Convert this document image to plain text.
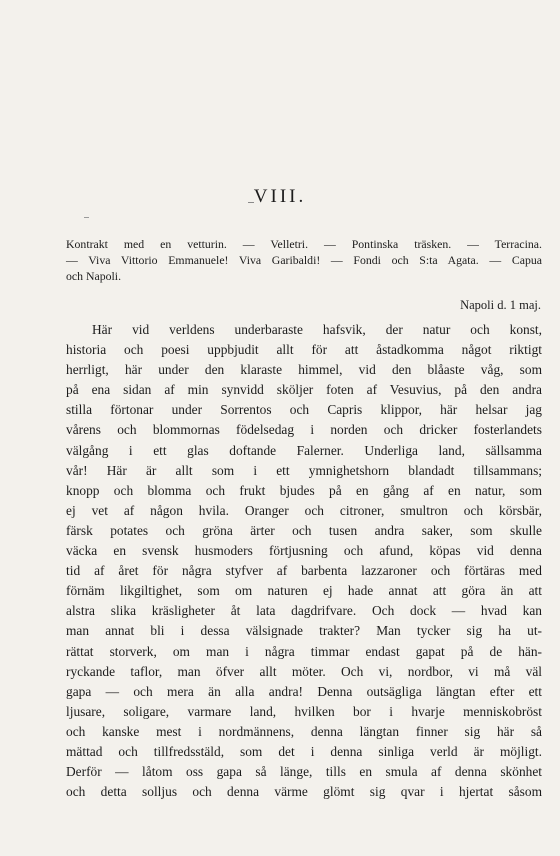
VIII.
Kontrakt med en vetturin. — Velletri. — Pontinska träsken. — Terracina.
— Viva Vittorio Emmanuele! Viva Garibaldi! — Fondi och S:ta Agata. — Capua
och Napoli.
Napoli d. 1 maj.
Här vid verldens underbaraste hafsvik, der natur och konst,
historia och poesi uppbjudit allt för att åstadkomma något riktigt
herrligt, här under den klaraste himmel, vid den blåaste våg, som
på ena sidan af min synvidd sköljer foten af Vesuvius, på den andra
stilla förtonar under Sorrentos och Capris klippor, här helsar jag
vårens och blommornas födelsedag i norden och dricker fosterlandets
välgång i ett glas doftande Falerner. Underliga land, sällsamma
vår! Här är allt som i ett ymnighetshorn blandadt tillsammans;
knopp och blomma och frukt bjudes på en gång af en natur, som
ej vet af någon hvila. Oranger och citroner, smultron och körsbär,
färsk potates och gröna ärter och tusen andra saker, som skulle
väcka en svensk husmoders förtjusning och afund, köpas vid denna
tid af året för några styfver af barbenta lazzaroner och förtäras med
förnäm likgiltighet, som om naturen ej hade annat att göra än att
alstra slika kräsligheter åt lata dagdrifvare. Och dock — hvad kan
man annat bli i dessa välsignade trakter? Man tycker sig ha ut-
rättat storverk, om man i några timmar endast gapat på de hän-
ryckande taflor, man öfver allt möter. Och vi, nordbor, vi må väl
gapa — och mera än alla andra! Denna outsägliga längtan efter ett
ljusare, soligare, varmare land, hvilken bor i hvarje menniskobröst
och kanske mest i nordmännens, denna längtan finner sig här så
mättad och tillfredsstäld, som det i denna sinliga verld är möjligt.
Derför — låtom oss gapa så länge, tills en smula af denna skönhet
och detta solljus och denna värme glömt sig qvar i hjertat såsom
